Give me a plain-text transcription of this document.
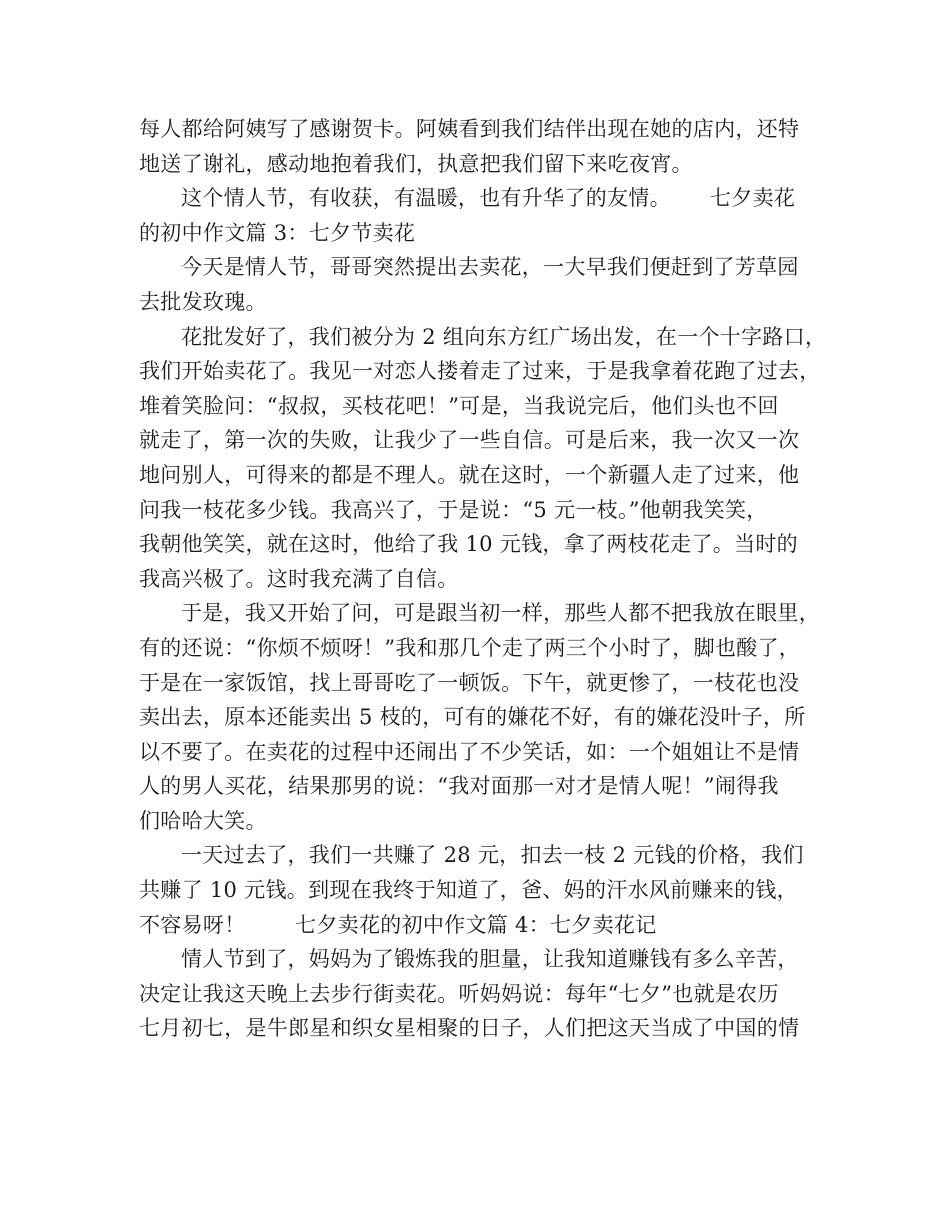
每人都给阿姨写了感谢贺卡。阿姨看到我们结伴出现在她的店内，还特
地送了谢礼，感动地抱着我们，执意把我们留下来吃夜宵。
这个情人节，有收获，有温暖，也有升华了的友情。　　 七夕卖花
的初中作文篇 3：七夕节卖花
今天是情人节，哥哥突然提出去卖花，一大早我们便赶到了芳草园
去批发玫瑰。
花批发好了，我们被分为 2 组向东方红广场出发，在一个十字路口，
我们开始卖花了。我见一对恋人搂着走了过来，于是我拿着花跑了过去，
堆着笑脸问：“叔叔，买枝花吧！”可是，当我说完后，他们头也不回
就走了，第一次的失败，让我少了一些自信。可是后来，我一次又一次
地问别人，可得来的都是不理人。就在这时，一个新疆人走了过来，他
问我一枝花多少钱。我高兴了，于是说：“5 元一枝。”他朝我笑笑，
我朝他笑笑，就在这时，他给了我 10 元钱，拿了两枝花走了。当时的
我高兴极了。这时我充满了自信。
于是，我又开始了问，可是跟当初一样，那些人都不把我放在眼里，
有的还说：“你烦不烦呀！”我和那几个走了两三个小时了，脚也酸了，
于是在一家饭馆，找上哥哥吃了一顿饭。下午，就更惨了，一枝花也没
卖出去，原本还能卖出 5 枝的，可有的嫌花不好，有的嫌花没叶子，所
以不要了。在卖花的过程中还闹出了不少笑话，如：一个姐姐让不是情
人的男人买花，结果那男的说：“我对面那一对才是情人呢！”闹得我
们哈哈大笑。
一天过去了，我们一共赚了 28 元，扣去一枝 2 元钱的价格，我们
共赚了 10 元钱。到现在我终于知道了，爸、妈的汗水风前赚来的钱，
不容易呀！　　 七夕卖花的初中作文篇 4：七夕卖花记
情人节到了，妈妈为了锻炼我的胆量，让我知道赚钱有多么辛苦，
决定让我这天晚上去步行街卖花。听妈妈说：每年“七夕”也就是农历
七月初七，是牛郎星和织女星相聚的日子，人们把这天当成了中国的情
